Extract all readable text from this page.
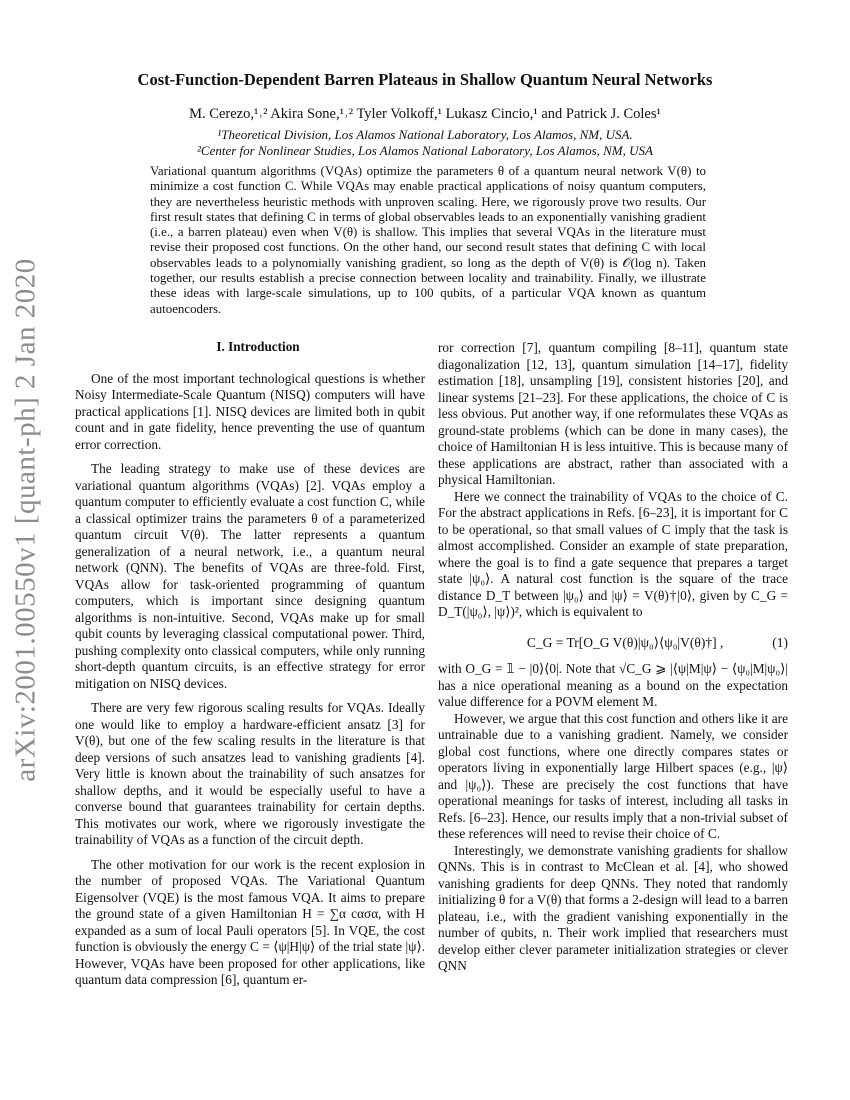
arXiv:2001.00550v1 [quant-ph] 2 Jan 2020
Cost-Function-Dependent Barren Plateaus in Shallow Quantum Neural Networks
M. Cerezo,¹˒² Akira Sone,¹˒² Tyler Volkoff,¹ Lukasz Cincio,¹ and Patrick J. Coles¹
¹Theoretical Division, Los Alamos National Laboratory, Los Alamos, NM, USA.
²Center for Nonlinear Studies, Los Alamos National Laboratory, Los Alamos, NM, USA
Variational quantum algorithms (VQAs) optimize the parameters θ of a quantum neural network V(θ) to minimize a cost function C. While VQAs may enable practical applications of noisy quantum computers, they are nevertheless heuristic methods with unproven scaling. Here, we rigorously prove two results. Our first result states that defining C in terms of global observables leads to an exponentially vanishing gradient (i.e., a barren plateau) even when V(θ) is shallow. This implies that several VQAs in the literature must revise their proposed cost functions. On the other hand, our second result states that defining C with local observables leads to a polynomially vanishing gradient, so long as the depth of V(θ) is 𝒪(log n). Taken together, our results establish a precise connection between locality and trainability. Finally, we illustrate these ideas with large-scale simulations, up to 100 qubits, of a particular VQA known as quantum autoencoders.

I. Introduction

One of the most important technological questions is whether Noisy Intermediate-Scale Quantum (NISQ) computers will have practical applications [1]. NISQ devices are limited both in qubit count and in gate fidelity, hence preventing the use of quantum error correction.

The leading strategy to make use of these devices are variational quantum algorithms (VQAs) [2]. VQAs employ a quantum computer to efficiently evaluate a cost function C, while a classical optimizer trains the parameters θ of a parameterized quantum circuit V(θ). The latter represents a quantum generalization of a neural network, i.e., a quantum neural network (QNN). The benefits of VQAs are three-fold. First, VQAs allow for task-oriented programming of quantum computers, which is important since designing quantum algorithms is non-intuitive. Second, VQAs make up for small qubit counts by leveraging classical computational power. Third, pushing complexity onto classical computers, while only running short-depth quantum circuits, is an effective strategy for error mitigation on NISQ devices.

There are very few rigorous scaling results for VQAs. Ideally one would like to employ a hardware-efficient ansatz [3] for V(θ), but one of the few scaling results in the literature is that deep versions of such ansatzes lead to vanishing gradients [4]. Very little is known about the trainability of such ansatzes for shallow depths, and it would be especially useful to have a converse bound that guarantees trainability for certain depths. This motivates our work, where we rigorously investigate the trainability of VQAs as a function of the circuit depth.

The other motivation for our work is the recent explosion in the number of proposed VQAs. The Variational Quantum Eigensolver (VQE) is the most famous VQA. It aims to prepare the ground state of a given Hamiltonian H = ∑α cασα, with H expanded as a sum of local Pauli operators [5]. In VQE, the cost function is obviously the energy C = ⟨ψ|H|ψ⟩ of the trial state |ψ⟩. However, VQAs have been proposed for other applications, like quantum data compression [6], quantum er-

ror correction [7], quantum compiling [8–11], quantum state diagonalization [12, 13], quantum simulation [14–17], fidelity estimation [18], unsampling [19], consistent histories [20], and linear systems [21–23]. For these applications, the choice of C is less obvious. Put another way, if one reformulates these VQAs as ground-state problems (which can be done in many cases), the choice of Hamiltonian H is less intuitive. This is because many of these applications are abstract, rather than associated with a physical Hamiltonian.

Here we connect the trainability of VQAs to the choice of C. For the abstract applications in Refs. [6–23], it is important for C to be operational, so that small values of C imply that the task is almost accomplished. Consider an example of state preparation, where the goal is to find a gate sequence that prepares a target state |ψ₀⟩. A natural cost function is the square of the trace distance D_T between |ψ₀⟩ and |ψ⟩ = V(θ)†|0⟩, given by C_G = D_T(|ψ₀⟩, |ψ⟩)², which is equivalent to

C_G = Tr[O_G V(θ)|ψ₀⟩⟨ψ₀|V(θ)†] ,	(1)

with O_G = 𝟙 − |0⟩⟨0|. Note that √C_G ⩾ |⟨ψ|M|ψ⟩ − ⟨ψ₀|M|ψ₀⟩| has a nice operational meaning as a bound on the expectation value difference for a POVM element M.

However, we argue that this cost function and others like it are untrainable due to a vanishing gradient. Namely, we consider global cost functions, where one directly compares states or operators living in exponentially large Hilbert spaces (e.g., |ψ⟩ and |ψ₀⟩). These are precisely the cost functions that have operational meanings for tasks of interest, including all tasks in Refs. [6–23]. Hence, our results imply that a non-trivial subset of these references will need to revise their choice of C.

Interestingly, we demonstrate vanishing gradients for shallow QNNs. This is in contrast to McClean et al. [4], who showed vanishing gradients for deep QNNs. They noted that randomly initializing θ for a V(θ) that forms a 2-design will lead to a barren plateau, i.e., with the gradient vanishing exponentially in the number of qubits, n. Their work implied that researchers must develop either clever parameter initialization strategies or clever QNN
